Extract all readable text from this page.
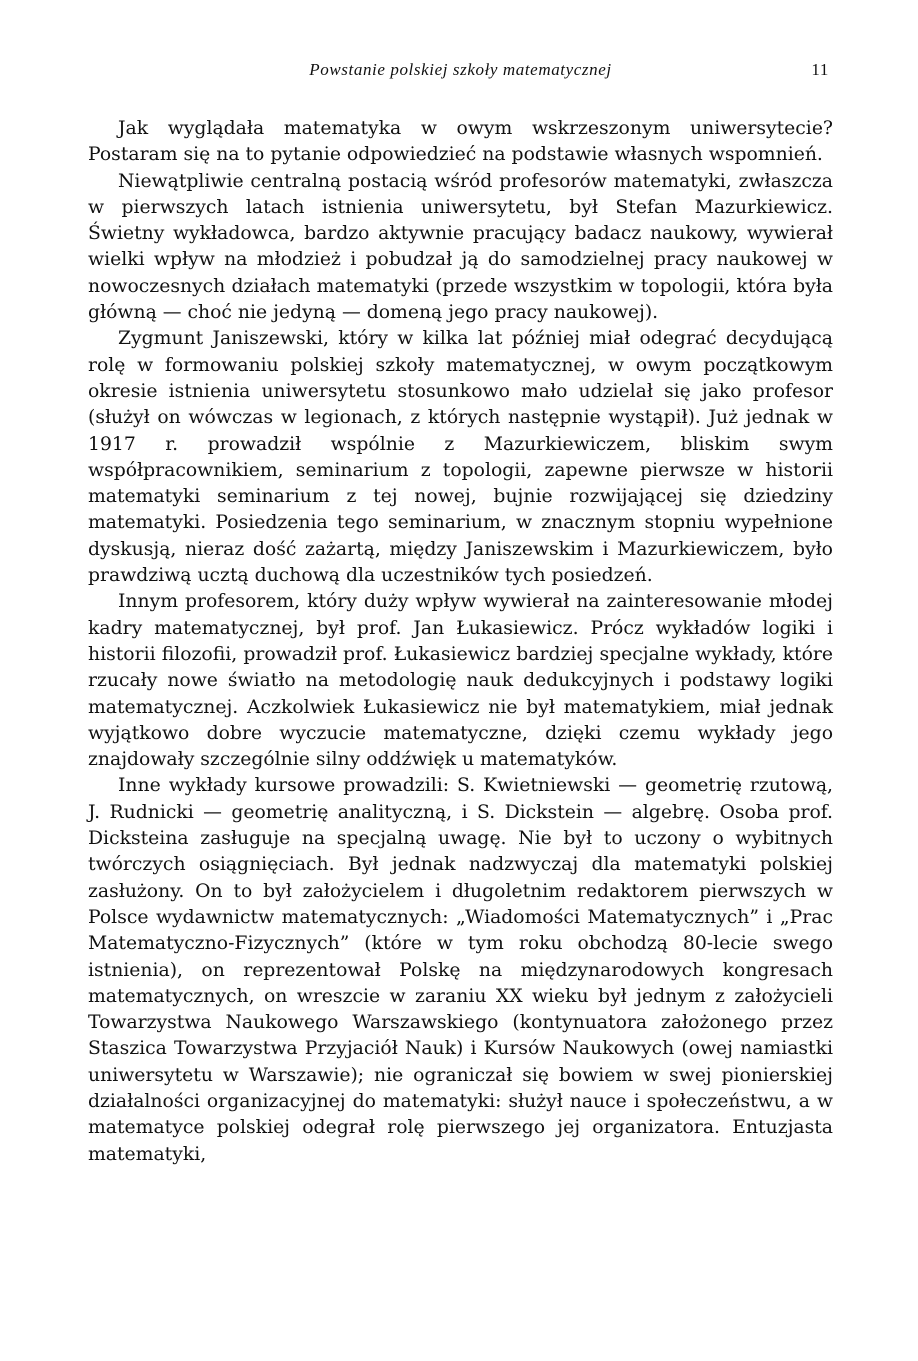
Powstanie polskiej szkoły matematycznej	11

Jak wyglądała matematyka w owym wskrzeszonym uniwersytecie? Postaram się na to pytanie odpowiedzieć na podstawie własnych wspomnień.

Niewątpliwie centralną postacią wśród profesorów matematyki, zwłaszcza w pierwszych latach istnienia uniwersytetu, był Stefan Mazurkiewicz. Świetny wykładowca, bardzo aktywnie pracujący badacz naukowy, wywierał wielki wpływ na młodzież i pobudzał ją do samodzielnej pracy naukowej w nowoczesnych działach matematyki (przede wszystkim w topologii, która była główną — choć nie jedyną — domeną jego pracy naukowej).

Zygmunt Janiszewski, który w kilka lat później miał odegrać decydującą rolę w formowaniu polskiej szkoły matematycznej, w owym początkowym okresie istnienia uniwersytetu stosunkowo mało udzielał się jako profesor (służył on wówczas w legionach, z których następnie wystąpił). Już jednak w 1917 r. prowadził wspólnie z Mazurkiewiczem, bliskim swym współpracownikiem, seminarium z topologii, zapewne pierwsze w historii matematyki seminarium z tej nowej, bujnie rozwijającej się dziedziny matematyki. Posiedzenia tego seminarium, w znacznym stopniu wypełnione dyskusją, nieraz dość zażartą, między Janiszewskim i Mazurkiewiczem, było prawdziwą ucztą duchową dla uczestników tych posiedzeń.

Innym profesorem, który duży wpływ wywierał na zainteresowanie młodej kadry matematycznej, był prof. Jan Łukasiewicz. Prócz wykładów logiki i historii filozofii, prowadził prof. Łukasiewicz bardziej specjalne wykłady, które rzucały nowe światło na metodologię nauk dedukcyjnych i podstawy logiki matematycznej. Aczkolwiek Łukasiewicz nie był matematykiem, miał jednak wyjątkowo dobre wyczucie matematyczne, dzięki czemu wykłady jego znajdowały szczególnie silny oddźwięk u matematyków.

Inne wykłady kursowe prowadzili: S. Kwietniewski — geometrię rzutową, J. Rudnicki — geometrię analityczną, i S. Dickstein — algebrę. Osoba prof. Dicksteina zasługuje na specjalną uwagę. Nie był to uczony o wybitnych twórczych osiągnięciach. Był jednak nadzwyczaj dla matematyki polskiej zasłużony. On to był założycielem i długoletnim redaktorem pierwszych w Polsce wydawnictw matematycznych: „Wiadomości Matematycznych” i „Prac Matematyczno-Fizycznych” (które w tym roku obchodzą 80-lecie swego istnienia), on reprezentował Polskę na międzynarodowych kongresach matematycznych, on wreszcie w zaraniu XX wieku był jednym z założycieli Towarzystwa Naukowego Warszawskiego (kontynuatora założonego przez Staszica Towarzystwa Przyjaciół Nauk) i Kursów Naukowych (owej namiastki uniwersytetu w Warszawie); nie ograniczał się bowiem w swej pionierskiej działalności organizacyjnej do matematyki: służył nauce i społeczeństwu, a w matematyce polskiej odegrał rolę pierwszego jej organizatora. Entuzjasta matematyki,
